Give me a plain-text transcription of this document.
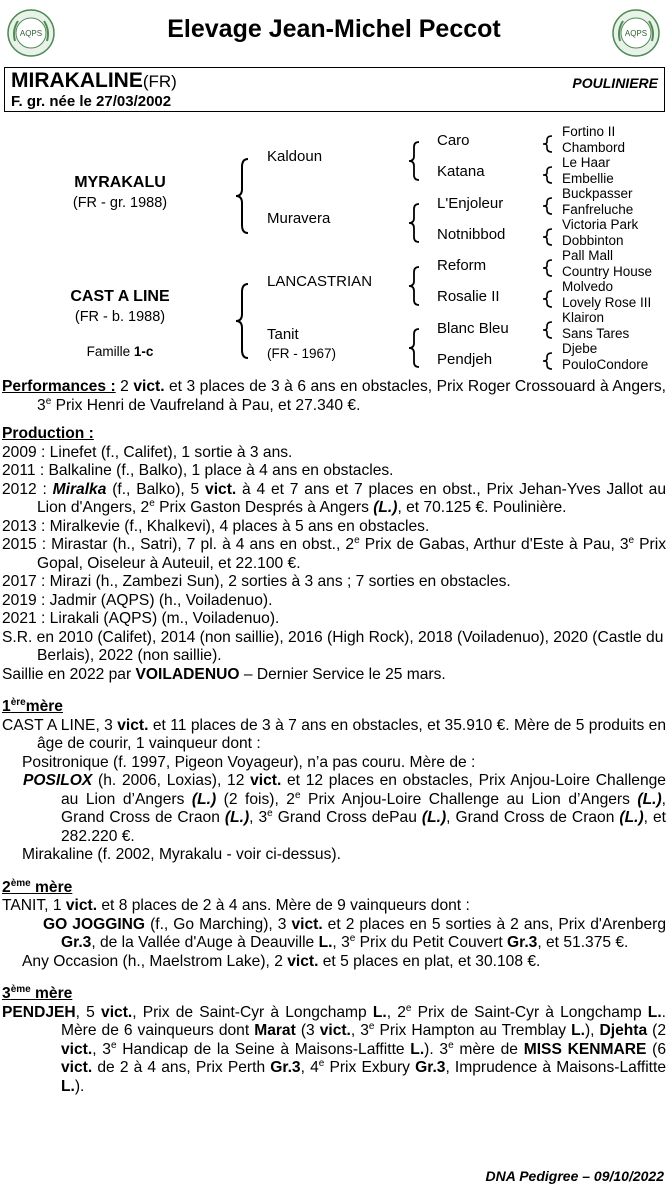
AQPS	Elevage Jean-Michel Peccot	AQPS
MIRAKALINE(FR)
F. gr. née le 27/03/2002
POULINIERE
MYRAKALU
(FR - gr. 1988)
CAST A LINE
(FR - b. 1988)
Famille 1-c
Kaldoun
Muravera
LANCASTRIAN
Tanit
(FR - 1967)
Caro
Katana
L'Enjoleur
Notnibbod
Reform
Rosalie II
Blanc Bleu
Pendjeh
Fortino II
Chambord
Le Haar
Embellie
Buckpasser
Fanfreluche
Victoria Park
Dobbinton
Pall Mall
Country House
Molvedo
Lovely Rose III
Klairon
Sans Tares
Djebe
PouloCondore
Performances : 2 vict. et 3 places de 3 à 6 ans en obstacles, Prix Roger Crossouard à Angers, 3e Prix Henri de Vaufreland à Pau, et 27.340 €.
Production :
2009 : Linefet (f., Califet), 1 sortie à 3 ans.
2011 : Balkaline (f., Balko), 1 place à 4 ans en obstacles.
2012 : Miralka (f., Balko), 5 vict. à 4 et 7 ans et 7 places en obst., Prix Jehan-Yves Jallot au Lion d'Angers, 2e Prix Gaston Després à Angers (L.), et 70.125 €. Poulinière.
2013 : Miralkevie (f., Khalkevi), 4 places à 5 ans en obstacles.
2015 : Mirastar (h., Satri), 7 pl. à 4 ans en obst., 2e Prix de Gabas, Arthur d'Este à Pau, 3e Prix Gopal, Oiseleur à Auteuil, et 22.100 €.
2017 : Mirazi (h., Zambezi Sun), 2 sorties à 3 ans ; 7 sorties en obstacles.
2019 : Jadmir (AQPS) (h., Voiladenuo).
2021 : Lirakali (AQPS) (m., Voiladenuo).
S.R. en 2010 (Califet), 2014 (non saillie), 2016 (High Rock), 2018 (Voiladenuo), 2020 (Castle du Berlais), 2022 (non saillie).
Saillie en 2022 par VOILADENUO – Dernier Service le 25 mars.
1èremère
CAST A LINE, 3 vict. et 11 places de 3 à 7 ans en obstacles, et 35.910 €. Mère de 5 produits en âge de courir, 1 vainqueur dont :
Positronique (f. 1997, Pigeon Voyageur), n’a pas couru. Mère de :
POSILOX (h. 2006, Loxias), 12 vict. et 12 places en obstacles, Prix Anjou-Loire Challenge au Lion d’Angers (L.) (2 fois), 2e Prix Anjou-Loire Challenge au Lion d’Angers (L.), Grand Cross de Craon (L.), 3e Grand Cross dePau (L.), Grand Cross de Craon (L.), et 282.220 €.
Mirakaline (f. 2002, Myrakalu - voir ci-dessus).
2ème mère
TANIT, 1 vict. et 8 places de 2 à 4 ans. Mère de 9 vainqueurs dont :
GO JOGGING (f., Go Marching), 3 vict. et 2 places en 5 sorties à 2 ans, Prix d'Arenberg Gr.3, de la Vallée d'Auge à Deauville L., 3e Prix du Petit Couvert Gr.3, et 51.375 €.
Any Occasion (h., Maelstrom Lake), 2 vict. et 5 places en plat, et 30.108 €.
3ème mère
PENDJEH, 5 vict., Prix de Saint-Cyr à Longchamp L., 2e Prix de Saint-Cyr à Longchamp L.. Mère de 6 vainqueurs dont Marat (3 vict., 3e Prix Hampton au Tremblay L.), Djehta (2 vict., 3e Handicap de la Seine à Maisons-Laffitte L.). 3e mère de MISS KENMARE (6 vict. de 2 à 4 ans, Prix Perth Gr.3, 4e Prix Exbury Gr.3, Imprudence à Maisons-Laffitte L.).
DNA Pedigree – 09/10/2022
